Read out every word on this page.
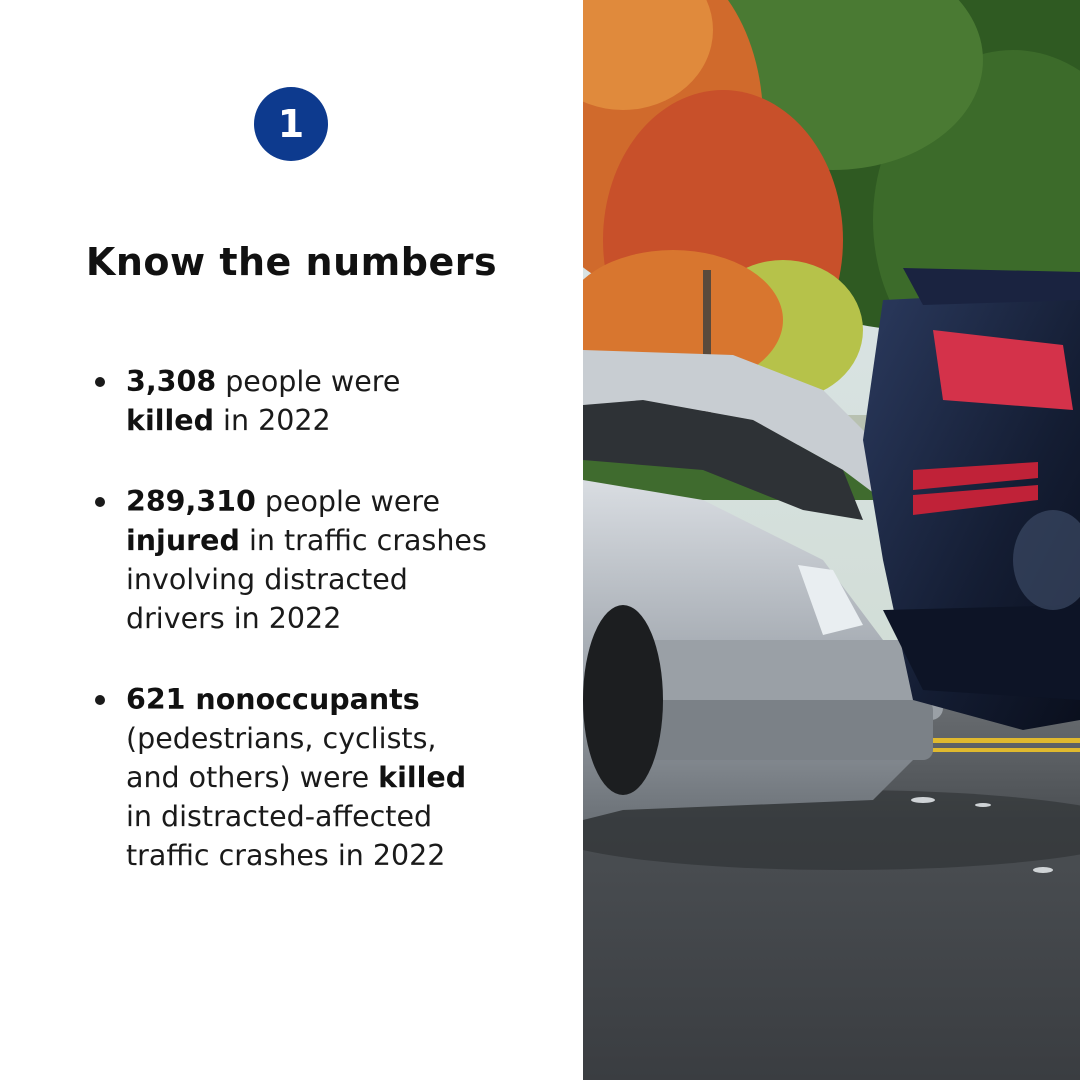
1
Know the numbers
3,308 people were
killed in 2022
289,310 people were
injured in traffic crashes
involving distracted
drivers in 2022
621 nonoccupants
(pedestrians, cyclists,
and others) were killed
in distracted-affected
traffic crashes in 2022
